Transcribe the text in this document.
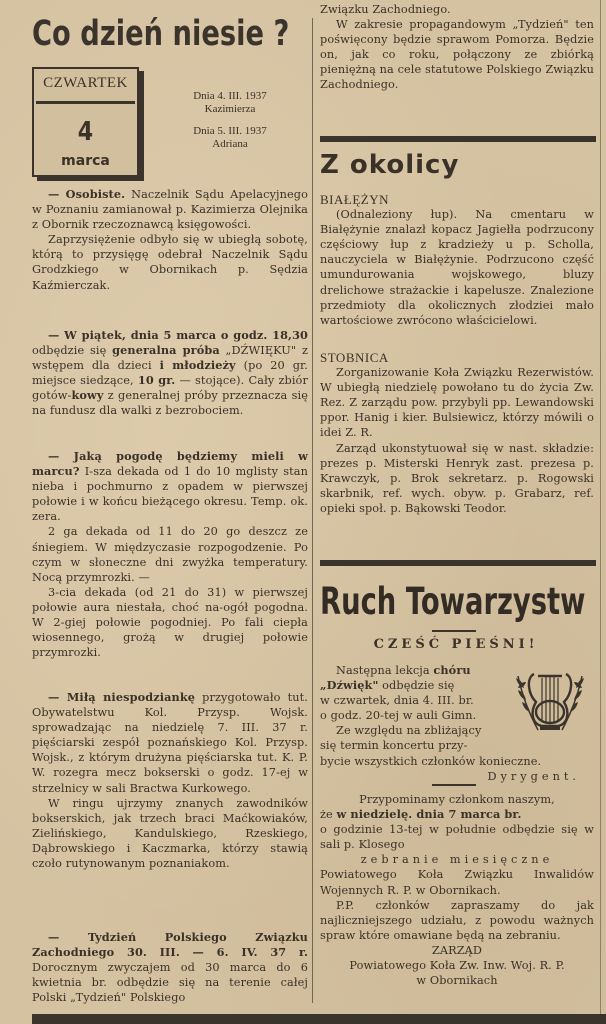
Co dzień niesie ?
CZWARTEK
4
marca
Dnia 4. III. 1937
Kazimierza
Dnia 5. III. 1937
Adriana

— Osobiste. Naczelnik Sądu Apelacyjnego w Poznaniu zamianował p. Kazimierza Olejnika z Obornik rzeczoznawcą księgowości.

Zaprzysiężenie odbyło się w ubiegłą sobotę, którą to przysięgę odebrał Naczelnik Sądu Grodzkiego w Obornikach p. Sędzia Kaźmierczak.

— W piątek, dnia 5 marca o godz. 18,30 odbędzie się generalna próba „DŹWIĘKU" z wstępem dla dzieci i młodzieży (po 20 gr. miejsce siedzące, 10 gr. — stojące). Cały zbiór gotów-kowy z generalnej próby przeznacza się na fundusz dla walki z bezrobociem.

— Jaką pogodę będziemy mieli w marcu? I-sza dekada od 1 do 10 mglisty stan nieba i pochmurno z opadem w pierwszej połowie i w końcu bieżącego okresu. Temp. ok. zera.

2 ga dekada od 11 do 20 go deszcz ze śniegiem. W międzyczasie rozpogodzenie. Po czym w słoneczne dni zwyżka temperatury. Nocą przymrozki. —

3-cia dekada (od 21 do 31) w pierwszej połowie aura niestała, choć na-ogół pogodna. W 2-giej połowie pogodniej. Po fali ciepła wiosennego, grożą w drugiej połowie przymrozki.

— Miłą niespodziankę przygotowało tut. Obywatelstwu Kol. Przysp. Wojsk. sprowadzając na niedzielę 7. III. 37 r. pięściarski zespół poznańskiego Kol. Przysp. Wojsk., z którym drużyna pięściarska tut. K. P. W. rozegra mecz bokserski o godz. 17-ej w strzelnicy w sali Bractwa Kurkowego.

W ringu ujrzymy znanych zawodników bokserskich, jak trzech braci Maćkowiaków, Zielińskiego, Kandulskiego, Rzeskiego, Dąbrowskiego i Kaczmarka, którzy stawią czoło rutynowanym poznaniakom.

— Tydzień Polskiego Związku Zachodniego 30. III. — 6. IV. 37 r. Dorocznym zwyczajem od 30 marca do 6 kwietnia br. odbędzie się na terenie całej Polski „Tydzień" Polskiego

Związku Zachodniego.

W zakresie propagandowym „Tydzień" ten poświęcony będzie sprawom Pomorza. Będzie on, jak co roku, połączony ze zbiórką pieniężną na cele statutowe Polskiego Związku Zachodniego.

Z okolicy

BIAŁĘŻYN

(Odnaleziony łup). Na cmentaru w Białężynie znalazł kopacz Jagiełła podrzucony częściowy łup z kradzieży u p. Scholla, nauczyciela w Białężynie. Podrzucono część umundurowania wojskowego, bluzy drelichowe strażackie i kapelusze. Znalezione przedmioty dla okolicznych złodziei mało wartościowe zwrócono właścicielowi.

STOBNICA

Zorganizowanie Koła Związku Rezerwistów. W ubiegłą niedzielę powołano tu do życia Zw. Rez. Z zarządu pow. przybyli pp. Lewandowski ppor. Hanig i kier. Bulsiewicz, którzy mówili o idei Z. R.

Zarząd ukonstytuował się w nast. składzie: prezes p. Misterski Henryk zast. prezesa p. Krawczyk, p. Brok sekretarz. p. Rogowski skarbnik, ref. wych. obyw. p. Grabarz, ref. opieki społ. p. Bąkowski Teodor.

Ruch Towarzystw
CZEŚĆ PIEŚNI!

Następna lekcja chóru

„Dźwięk" odbędzie się

w czwartek, dnia 4. III. br.

o godz. 20-tej w auli Gimn.

Ze względu na zbliżający

się termin koncertu przy-

bycie wszystkich członków konieczne.

Dyrygent.

Przypominamy członkom naszym,

że w niedzielę. dnia 7 marca br.

o godzinie 13-tej w południe odbędzie się w sali p. Klosego

zebranie miesięczne

Powiatowego Koła Związku Inwalidów Wojennych R. P. w Obornikach.

P.P. członków zapraszamy do jak najliczniejszego udziału, z powodu ważnych spraw które omawiane będą na zebraniu.

ZARZĄD

Powiatowego Koła Zw. Inw. Woj. R. P.

w Obornikach
